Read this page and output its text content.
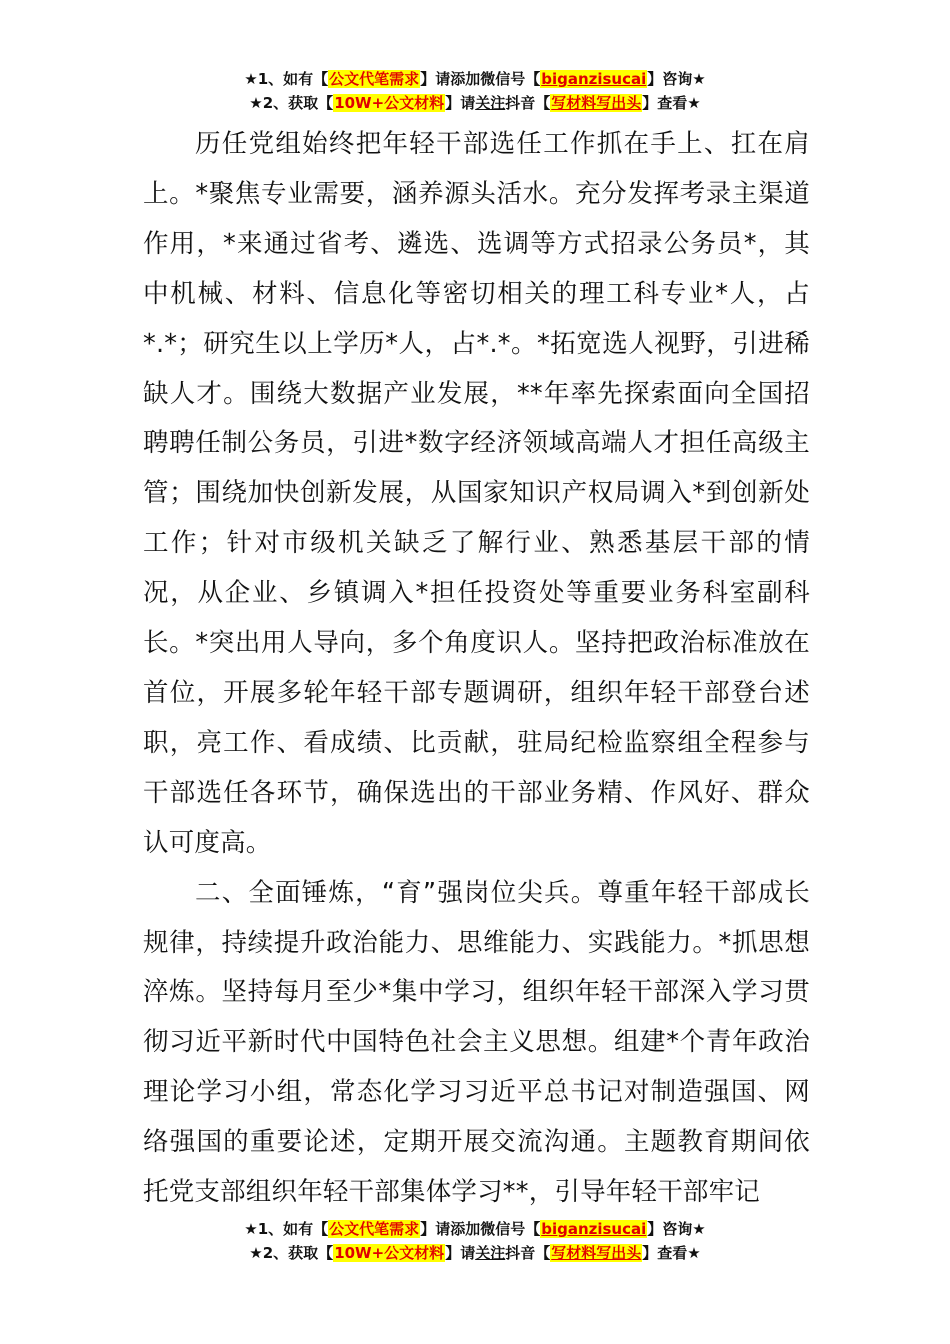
★1、如有【公文代笔需求】请添加微信号【biganzisucai】咨询★
★2、获取【10W+公文材料】请关注抖音【写材料写出头】查看★

历任党组始终把年轻干部选任工作抓在手上、扛在肩上。*聚焦专业需要，涵养源头活水。充分发挥考录主渠道作用，*来通过省考、遴选、选调等方式招录公务员*，其中机械、材料、信息化等密切相关的理工科专业*人，占*.*；研究生以上学历*人，占*.*。*拓宽选人视野，引进稀缺人才。围绕大数据产业发展，**年率先探索面向全国招聘聘任制公务员，引进*数字经济领域高端人才担任高级主管；围绕加快创新发展，从国家知识产权局调入*到创新处工作；针对市级机关缺乏了解行业、熟悉基层干部的情况，从企业、乡镇调入*担任投资处等重要业务科室副科长。*突出用人导向，多个角度识人。坚持把政治标准放在首位，开展多轮年轻干部专题调研，组织年轻干部登台述职，亮工作、看成绩、比贡献，驻局纪检监察组全程参与干部选任各环节，确保选出的干部业务精、作风好、群众认可度高。

二、全面锤炼，“育”强岗位尖兵。尊重年轻干部成长规律，持续提升政治能力、思维能力、实践能力。*抓思想淬炼。坚持每月至少*集中学习，组织年轻干部深入学习贯彻习近平新时代中国特色社会主义思想。组建*个青年政治理论学习小组，常态化学习习近平总书记对制造强国、网络强国的重要论述，定期开展交流沟通。主题教育期间依托党支部组织年轻干部集体学习**，引导年轻干部牢记

★1、如有【公文代笔需求】请添加微信号【biganzisucai】咨询★
★2、获取【10W+公文材料】请关注抖音【写材料写出头】查看★
